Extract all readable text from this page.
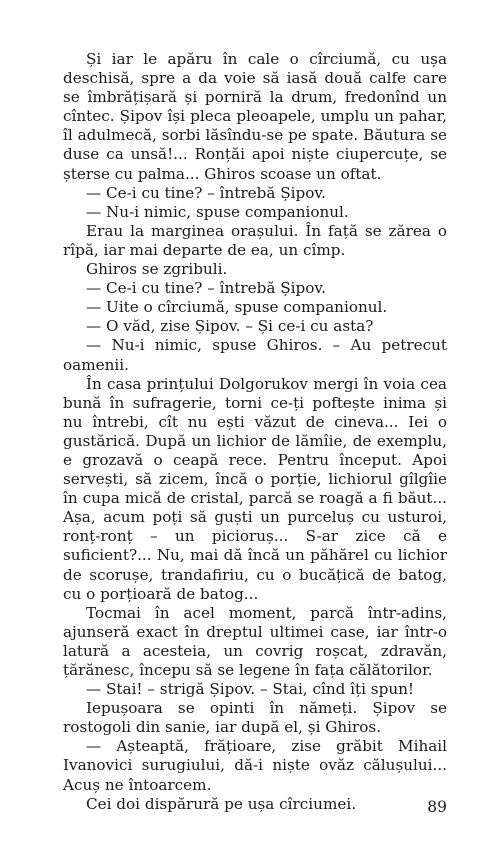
Și iar le apăru în cale o cîrciumă, cu ușa deschisă, spre a da voie să iasă două calfe care se îmbrățișară și porniră la drum, fredonînd un cîntec. Șipov își pleca pleoapele, umplu un pahar, îl adulmecă, sorbi lăsîndu-se pe spate. Băutura se duse ca unsă!... Ronțăi apoi niște ciupercuțe, se șterse cu palma... Ghiros scoase un oftat.

— Ce-i cu tine? – întrebă Șipov.

— Nu-i nimic, spuse companionul.

Erau la marginea orașului. În față se zărea o rîpă, iar mai departe de ea, un cîmp.

Ghiros se zgribuli.

— Ce-i cu tine? – întrebă Șipov.

— Uite o cîrciumă, spuse companionul.

— O văd, zise Șipov. – Și ce-i cu asta?

— Nu-i nimic, spuse Ghiros. – Au petrecut oamenii.

În casa prințului Dolgorukov mergi în voia cea bună în sufragerie, torni ce-ți poftește inima și nu întrebi, cît nu ești văzut de cineva... Iei o gustărică. După un lichior de lămîie, de exemplu, e grozavă o ceapă rece. Pentru început. Apoi servești, să zicem, încă o porție, lichiorul gîlgîie în cupa mică de cristal, parcă se roagă a fi băut... Așa, acum poți să guști un purceluș cu usturoi, ronț-ronț – un picioruș... S-ar zice că e suficient?... Nu, mai dă încă un păhărel cu lichior de scorușe, trandafiriu, cu o bucățică de batog, cu o porțioară de batog...

Tocmai în acel moment, parcă într-adins, ajunseră exact în dreptul ultimei case, iar într-o latură a acesteia, un covrig roșcat, zdravăn, țărănesc, începu să se legene în fața călătorilor.

— Stai! – strigă Șipov. – Stai, cînd îți spun!

Iepușoara se opinti în nămeți. Șipov se rostogoli din sanie, iar după el, și Ghiros.

— Așteaptă, frățioare, zise grăbit Mihail Ivanovici surugiului, dă-i niște ovăz călușului... Acuș ne întoarcem.

Cei doi dispărură pe ușa cîrciumei.	89
